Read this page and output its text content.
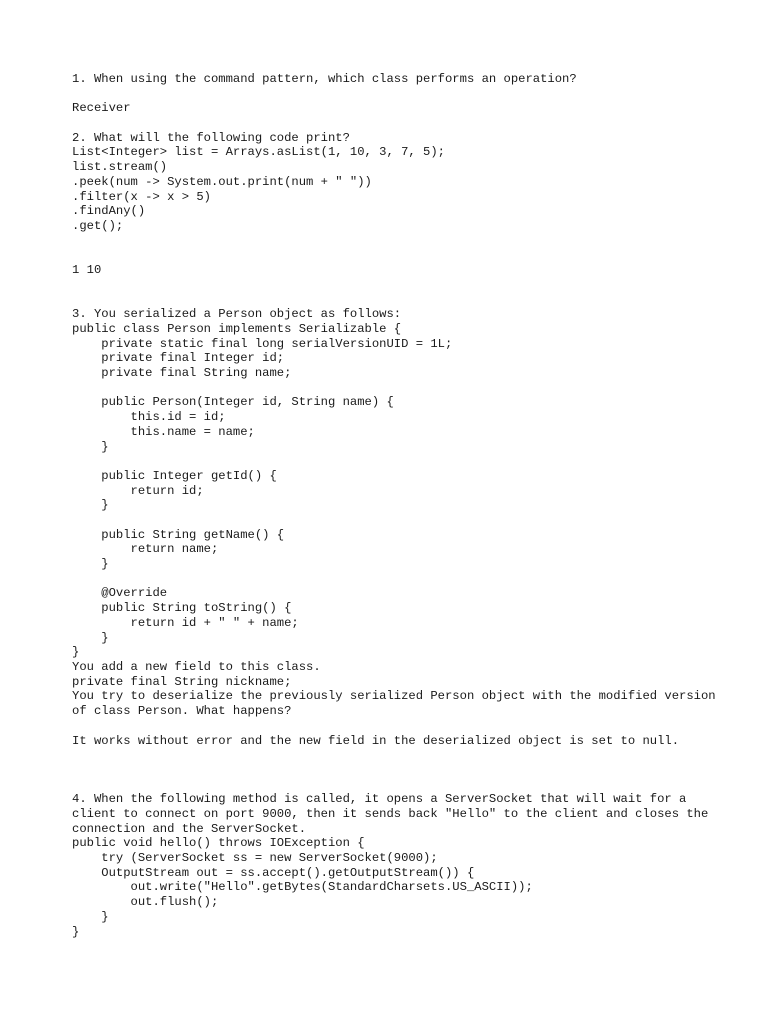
1. When using the command pattern, which class performs an operation?
Receiver
2. What will the following code print?
List<Integer> list = Arrays.asList(1, 10, 3, 7, 5);
list.stream()
.peek(num -> System.out.print(num + " "))
.filter(x -> x > 5)
.findAny()
.get();
1 10
3. You serialized a Person object as follows:
public class Person implements Serializable {
private static final long serialVersionUID = 1L;
private final Integer id;
private final String name;
public Person(Integer id, String name) {
this.id = id;
this.name = name;
}
public Integer getId() {
return id;
}
public String getName() {
return name;
}
@Override
public String toString() {
return id + " " + name;
}
}
You add a new field to this class.
private final String nickname;
You try to deserialize the previously serialized Person object with the modified version of class Person. What happens?
It works without error and the new field in the deserialized object is set to null.
4. When the following method is called, it opens a ServerSocket that will wait for a client to connect on port 9000, then it sends back "Hello" to the client and closes the connection and the ServerSocket.
public void hello() throws IOException {
try (ServerSocket ss = new ServerSocket(9000);
OutputStream out = ss.accept().getOutputStream()) {
out.write("Hello".getBytes(StandardCharsets.US_ASCII));
out.flush();
}
}
